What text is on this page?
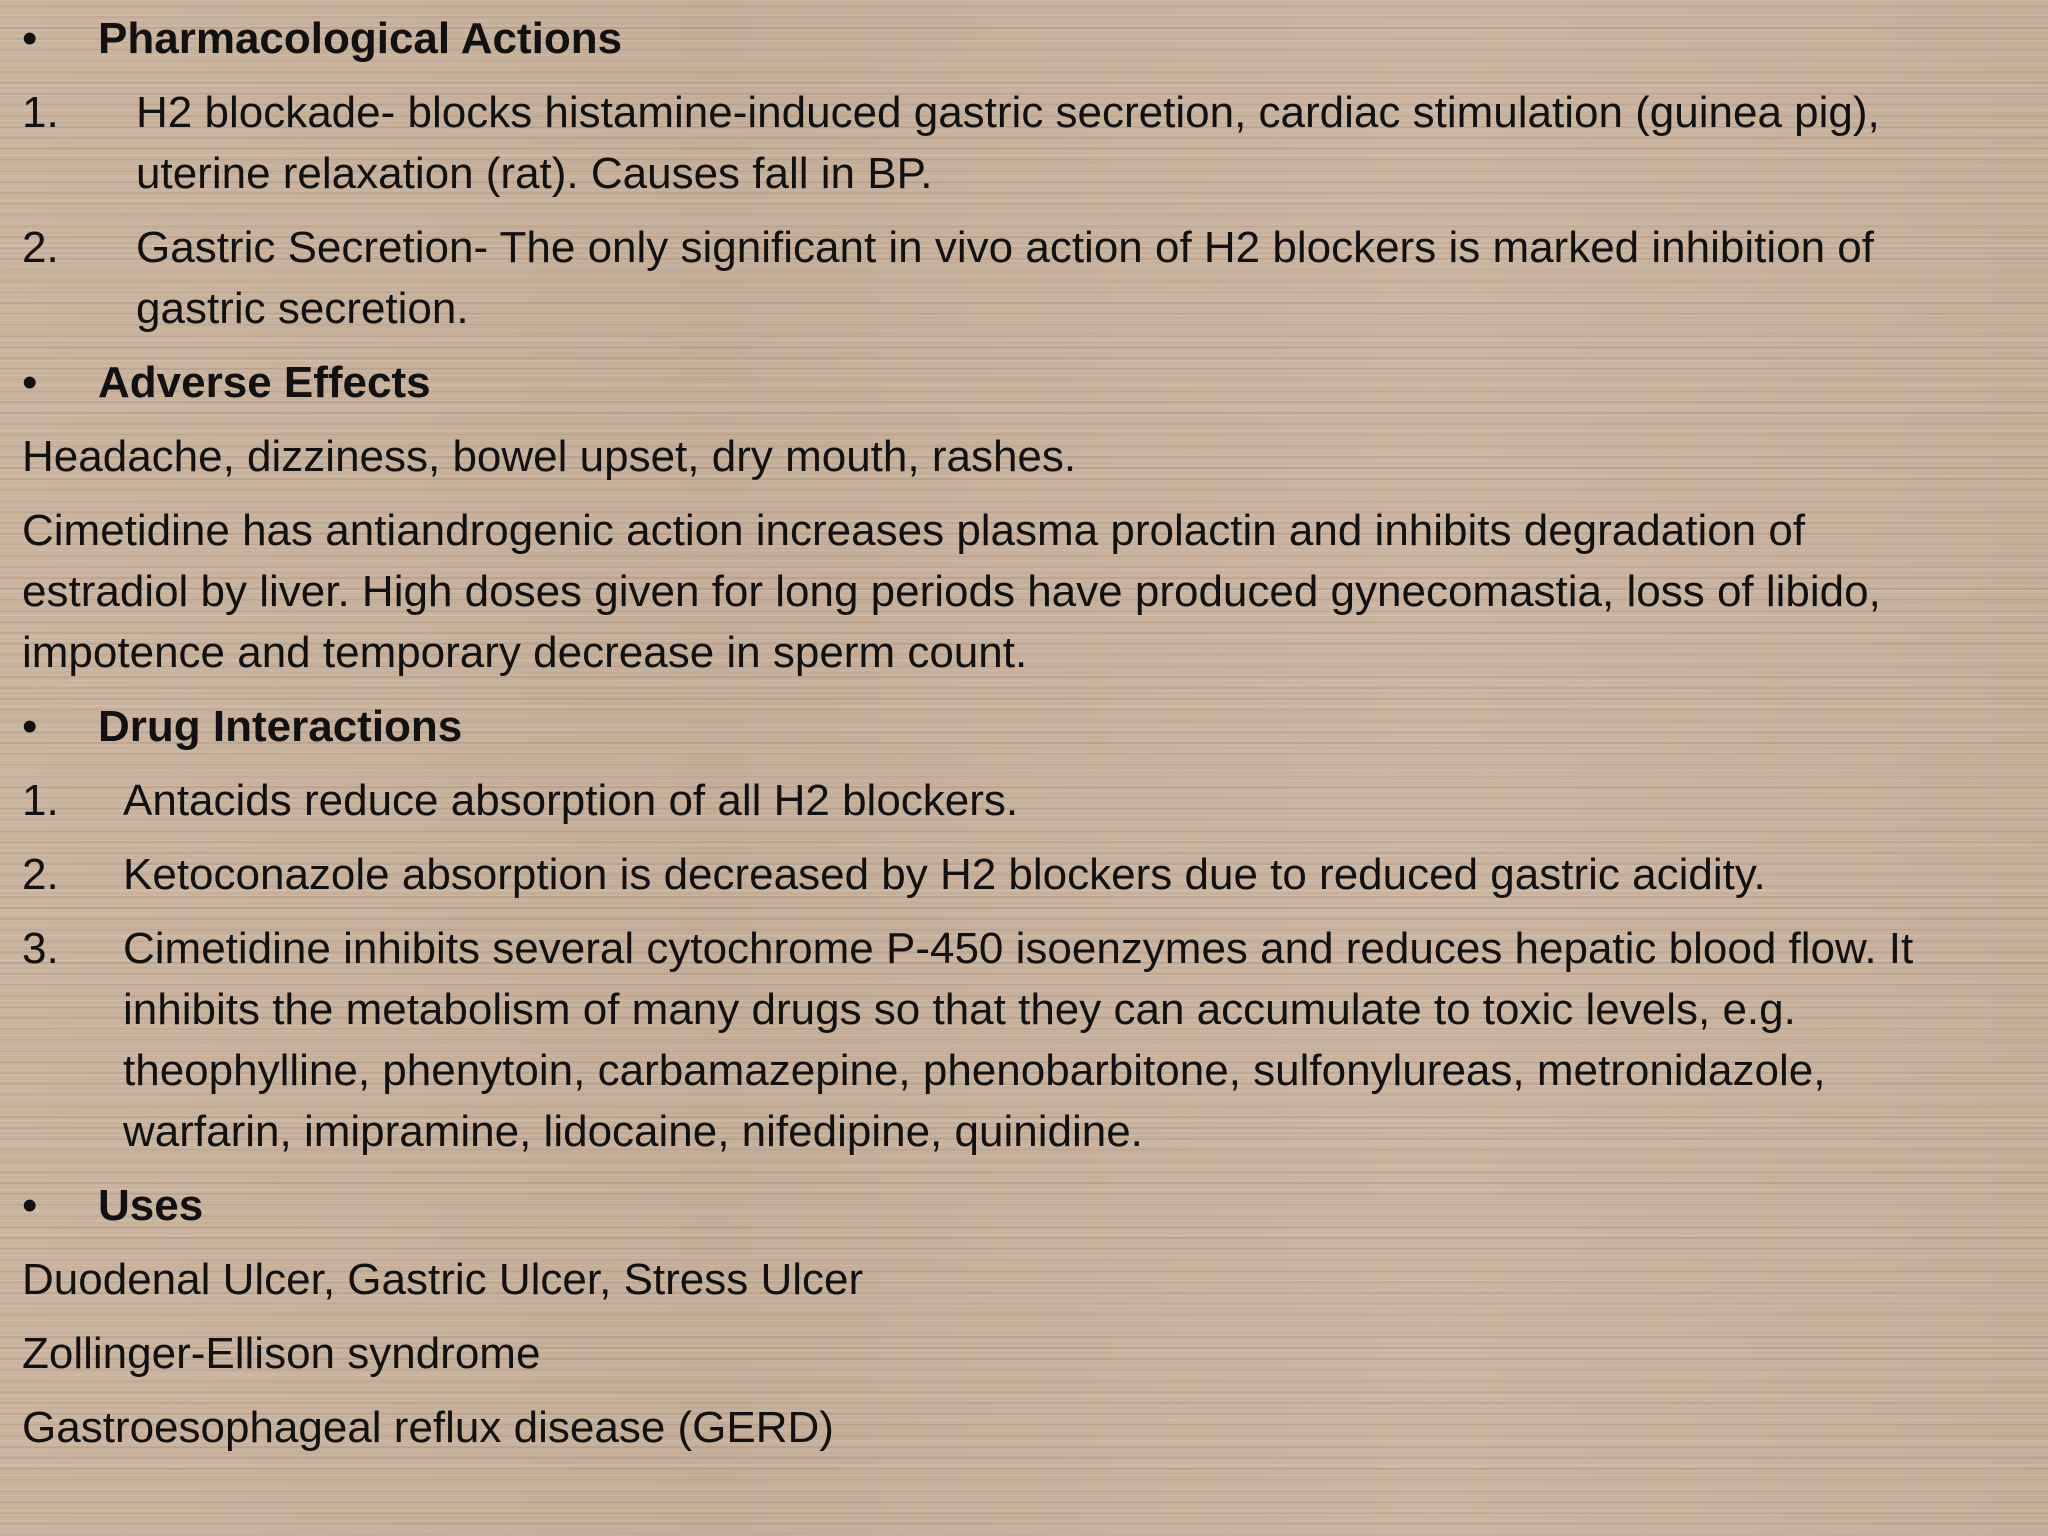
• Pharmacological Actions
1. H2 blockade- blocks histamine-induced gastric secretion, cardiac stimulation (guinea pig),
uterine relaxation (rat). Causes fall in BP.
2. Gastric Secretion- The only significant in vivo action of H2 blockers is marked inhibition of
gastric secretion.
• Adverse Effects
Headache, dizziness, bowel upset, dry mouth, rashes.
Cimetidine has antiandrogenic action increases plasma prolactin and inhibits degradation of
estradiol by liver. High doses given for long periods have produced gynecomastia, loss of libido,
impotence and temporary decrease in sperm count.
• Drug Interactions
1. Antacids reduce absorption of all H2 blockers.
2. Ketoconazole absorption is decreased by H2 blockers due to reduced gastric acidity.
3. Cimetidine inhibits several cytochrome P-450 isoenzymes and reduces hepatic blood flow. It
inhibits the metabolism of many drugs so that they can accumulate to toxic levels, e.g.
theophylline, phenytoin, carbamazepine, phenobarbitone, sulfonylureas, metronidazole,
warfarin, imipramine, lidocaine, nifedipine, quinidine.
• Uses
Duodenal Ulcer, Gastric Ulcer, Stress Ulcer
Zollinger-Ellison syndrome
Gastroesophageal reflux disease (GERD)
